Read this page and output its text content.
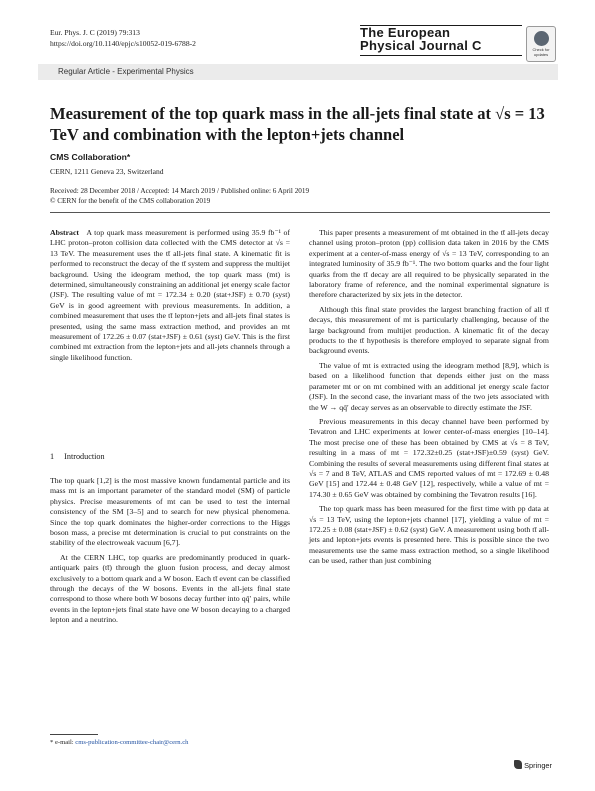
Eur. Phys. J. C (2019) 79:313
https://doi.org/10.1140/epjc/s10052-019-6788-2
The European
Physical Journal C	Check for updates
Regular Article - Experimental Physics
Measurement of the top quark mass in the all-jets final state at √s = 13 TeV and combination with the lepton+jets channel
CMS Collaboration*
CERN, 1211 Geneva 23, Switzerland
Received: 28 December 2018 / Accepted: 14 March 2019 / Published online: 6 April 2019
© CERN for the benefit of the CMS collaboration 2019

Abstract A top quark mass measurement is performed using 35.9 fb⁻¹ of LHC proton–proton collision data collected with the CMS detector at √s = 13 TeV. The measurement uses the tt̄ all-jets final state. A kinematic fit is performed to reconstruct the decay of the tt̄ system and suppress the multijet background. Using the ideogram method, the top quark mass (mt) is determined, simultaneously constraining an additional jet energy scale factor (JSF). The resulting value of mt = 172.34 ± 0.20 (stat+JSF) ± 0.70 (syst) GeV is in good agreement with previous measurements. In addition, a combined measurement that uses the tt̄ lepton+jets and all-jets final states is presented, using the same mass extraction method, and provides an mt measurement of 172.26 ± 0.07 (stat+JSF) ± 0.61 (syst) GeV. This is the first combined mt extraction from the lepton+jets and all-jets channels through a single likelihood function.

1 Introduction

The top quark [1,2] is the most massive known fundamental particle and its mass mt is an important parameter of the standard model (SM) of particle physics. Precise measurements of mt can be used to test the internal consistency of the SM [3–5] and to search for new physical phenomena. Since the top quark dominates the higher-order corrections to the Higgs boson mass, a precise mt determination is crucial to put constraints on the stability of the electroweak vacuum [6,7].

At the CERN LHC, top quarks are predominantly produced in quark-antiquark pairs (tt̄) through the gluon fusion process, and decay almost exclusively to a bottom quark and a W boson. Each tt̄ event can be classified through the decays of the W bosons. Events in the all-jets final state correspond to those where both W bosons decay further into qq̄′ pairs, while events in the lepton+jets final state have one W boson decaying to a charged lepton and a neutrino.

This paper presents a measurement of mt obtained in the tt̄ all-jets decay channel using proton–proton (pp) collision data taken in 2016 by the CMS experiment at a center-of-mass energy of √s = 13 TeV, corresponding to an integrated luminosity of 35.9 fb⁻¹. The two bottom quarks and the four light quarks from the tt̄ decay are all required to be physically separated in the laboratory frame of reference, and the nominal experimental signature is therefore characterized by six jets in the detector.

Although this final state provides the largest branching fraction of all tt̄ decays, this measurement of mt is particularly challenging, because of the large background from multijet production. A kinematic fit of the decay products to the tt̄ hypothesis is therefore employed to separate signal from background events.

The value of mt is extracted using the ideogram method [8,9], which is based on a likelihood function that depends either just on the mass parameter mt or on mt combined with an additional jet energy scale factor (JSF). In the second case, the invariant mass of the two jets associated with the W → qq̄′ decay serves as an observable to directly estimate the JSF.

Previous measurements in this decay channel have been performed by Tevatron and LHC experiments at lower center-of-mass energies [10–14]. The most precise one of these has been obtained by CMS at √s = 8 TeV, resulting in a mass of mt = 172.32±0.25 (stat+JSF)±0.59 (syst) GeV. Combining the results of several measurements using different final states at √s = 7 and 8 TeV, ATLAS and CMS reported values of mt = 172.69 ± 0.48 GeV [15] and 172.44 ± 0.48 GeV [12], respectively, while a value of mt = 174.30 ± 0.65 GeV was obtained by combining the Tevatron results [16].

The top quark mass has been measured for the first time with pp data at √s = 13 TeV, using the lepton+jets channel [17], yielding a value of mt = 172.25 ± 0.08 (stat+JSF) ± 0.62 (syst) GeV. A measurement using both tt̄ all-jets and lepton+jets events is presented here. This is possible since the two measurements use the same mass extraction method, so a single likelihood can be used, rather than just combining

* e-mail: cms-publication-committee-chair@cern.ch
Springer
